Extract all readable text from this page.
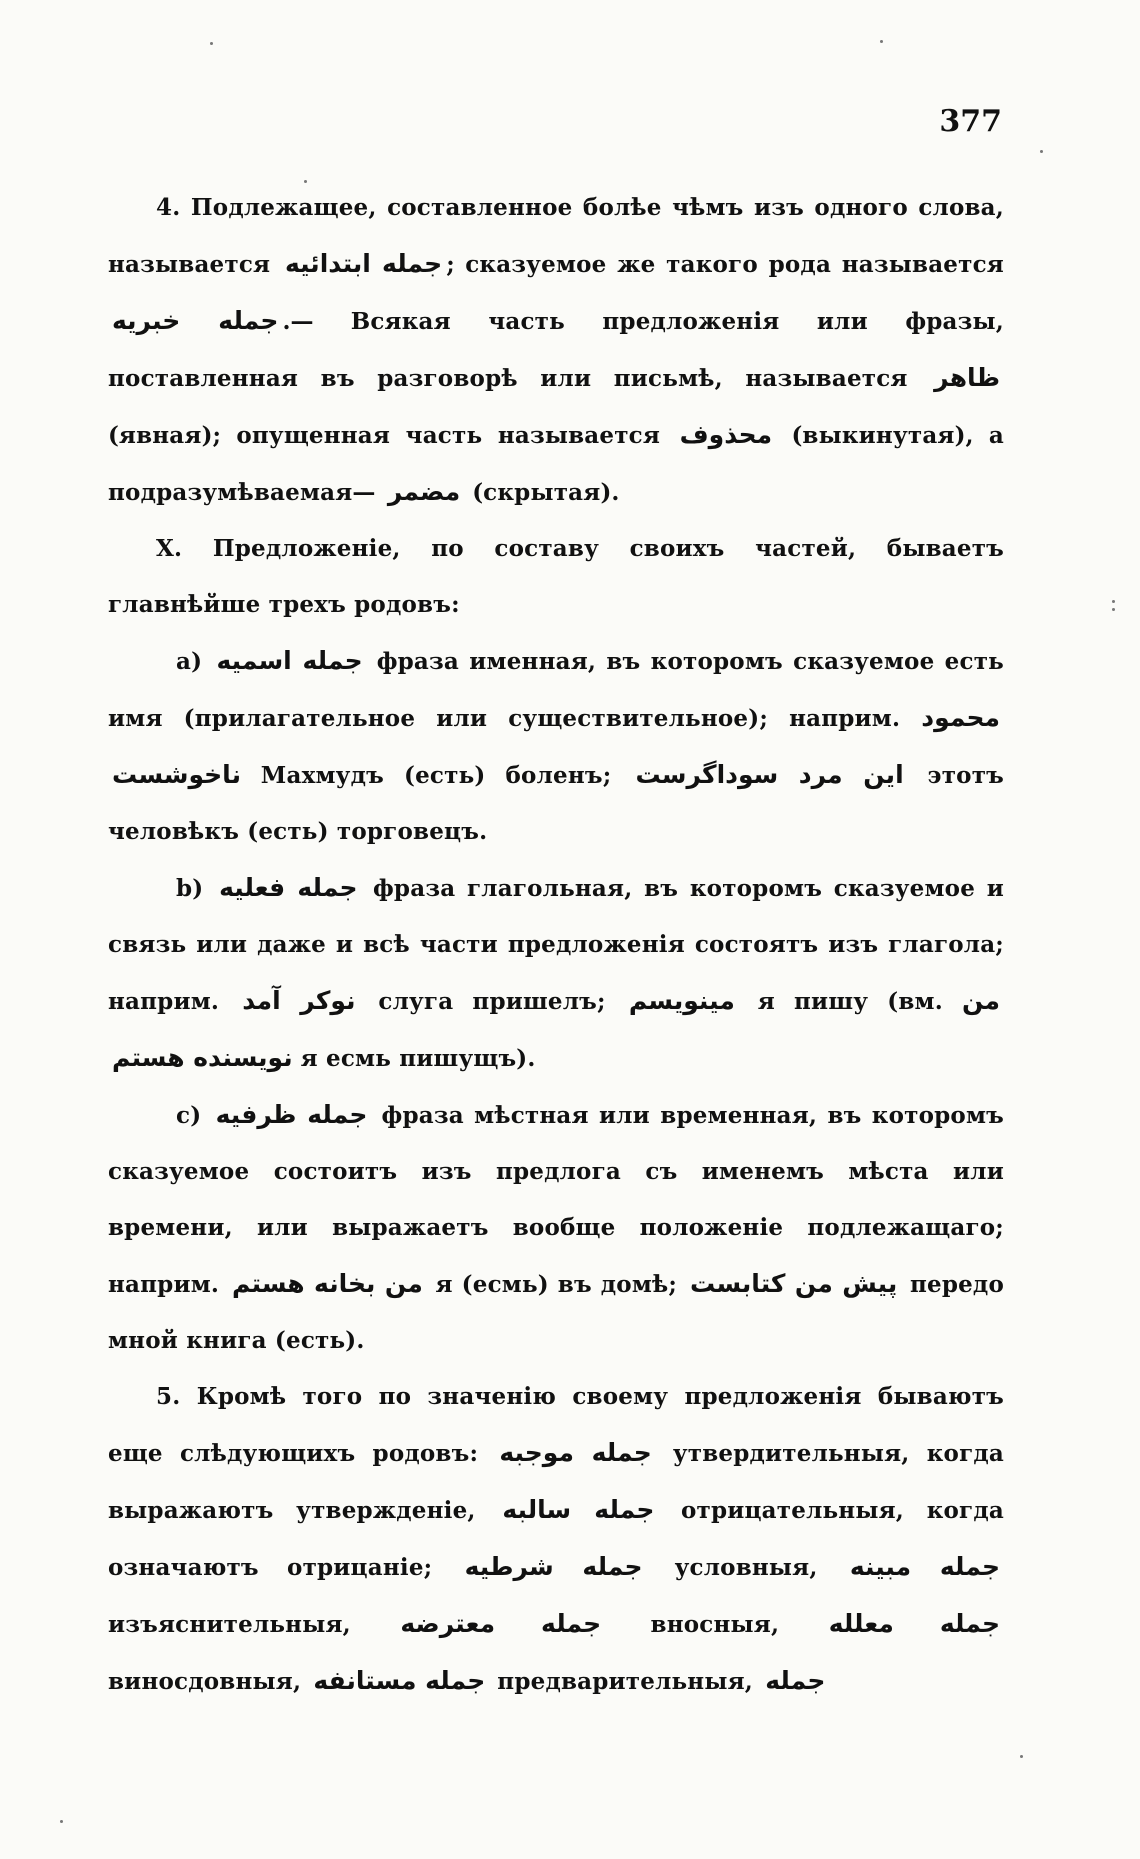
377

4. Подлежащее, составленное болѣе чѣмъ изъ одного слова, называется جمله ابتدائیه ; сказуемое же такого рода называется جمله خبریه .— Всякая часть предложенія или фразы, поставленная въ разговорѣ или письмѣ, называется ظاهر (явная); опущенная часть называется محذوف (выкинутая), а подразумѣваемая— مضمر (скрытая).

X. Предложеніе, по составу своихъ частей, бываетъ главнѣйше трехъ родовъ:

a) جمله اسمیه фраза именная, въ которомъ сказуемое есть имя (прилагательное или существительное); наприм. محمود ناخوشست Махмудъ (есть) боленъ; این مرد سوداگرست этотъ человѣкъ (есть) торговецъ.

b) جمله فعلیه фраза глагольная, въ которомъ сказуемое и связь или даже и всѣ части предложенія состоятъ изъ глагола; наприм. نوکر آمد слуга пришелъ; مینویسم я пишу (вм. من نویسنده هستم я есмь пишущъ).

c) جمله ظرفیه фраза мѣстная или временная, въ которомъ сказуемое состоитъ изъ предлога съ именемъ мѣста или времени, или выражаетъ вообще положеніе подлежащаго; наприм. من بخانه هستم я (есмь) въ домѣ; پیش من کتابست передо мной книга (есть).

5. Кромѣ того по значенію своему предложенія бываютъ еще слѣдующихъ родовъ: جمله موجبه утвердительныя, когда выражаютъ утвержденіе, جمله سالبه отрицательныя, когда означаютъ отрицаніе; جمله شرطیه условныя, جمله مبینه изъяснительныя, جمله معترضه вносныя, جمله معلله виносдовныя, جمله مستانفه предварительныя, جمله
